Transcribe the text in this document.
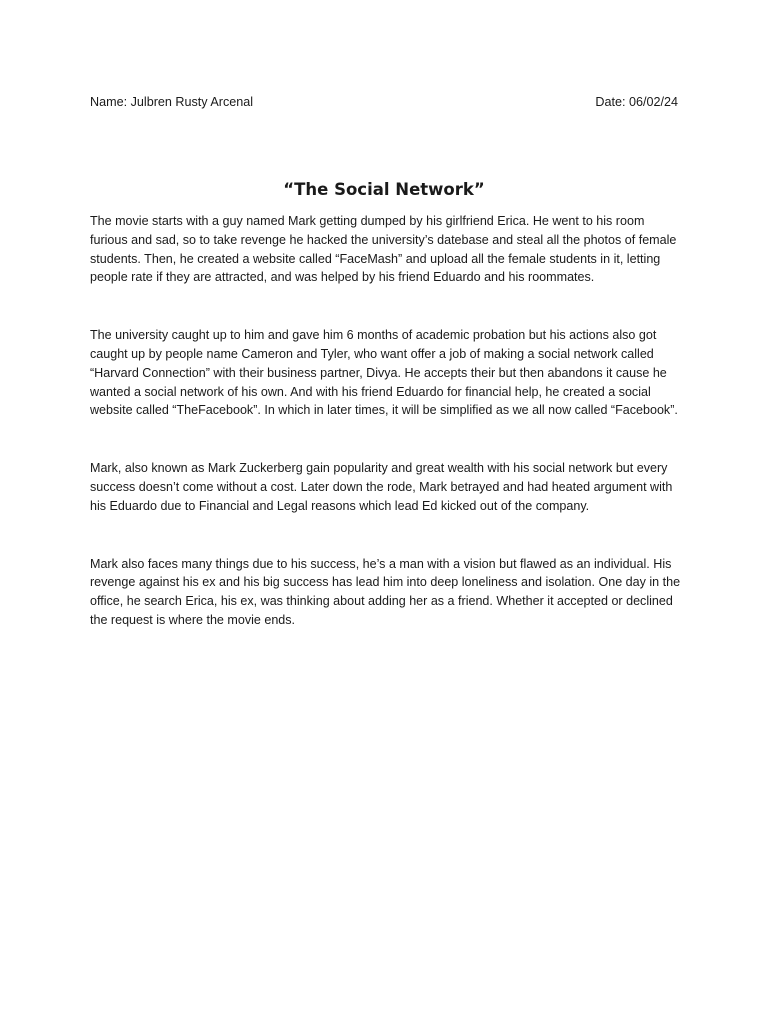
Name: Julbren Rusty Arcenal	Date: 06/02/24
“The Social Network”

The movie starts with a guy named Mark getting dumped by his girlfriend Erica. He went to his room furious and sad, so to take revenge he hacked the university’s datebase and steal all the photos of female students. Then, he created a website called “FaceMash” and upload all the female students in it, letting people rate if they are attracted, and was helped by his friend Eduardo and his roommates.

The university caught up to him and gave him 6 months of academic probation but his actions also got caught up by people name Cameron and Tyler, who want offer a job of making a social network called “Harvard Connection” with their business partner, Divya. He accepts their but then abandons it cause he wanted a social network of his own. And with his friend Eduardo for financial help, he created a social website called “TheFacebook”. In which in later times, it will be simplified as we all now called “Facebook”.

Mark, also known as Mark Zuckerberg gain popularity and great wealth with his social network but every success doesn’t come without a cost. Later down the rode, Mark betrayed and had heated argument with his Eduardo due to Financial and Legal reasons which lead Ed kicked out of the company.

Mark also faces many things due to his success, he’s a man with a vision but flawed as an individual. His revenge against his ex and his big success has lead him into deep loneliness and isolation. One day in the office, he search Erica, his ex, was thinking about adding her as a friend. Whether it accepted or declined the request is where the movie ends.
